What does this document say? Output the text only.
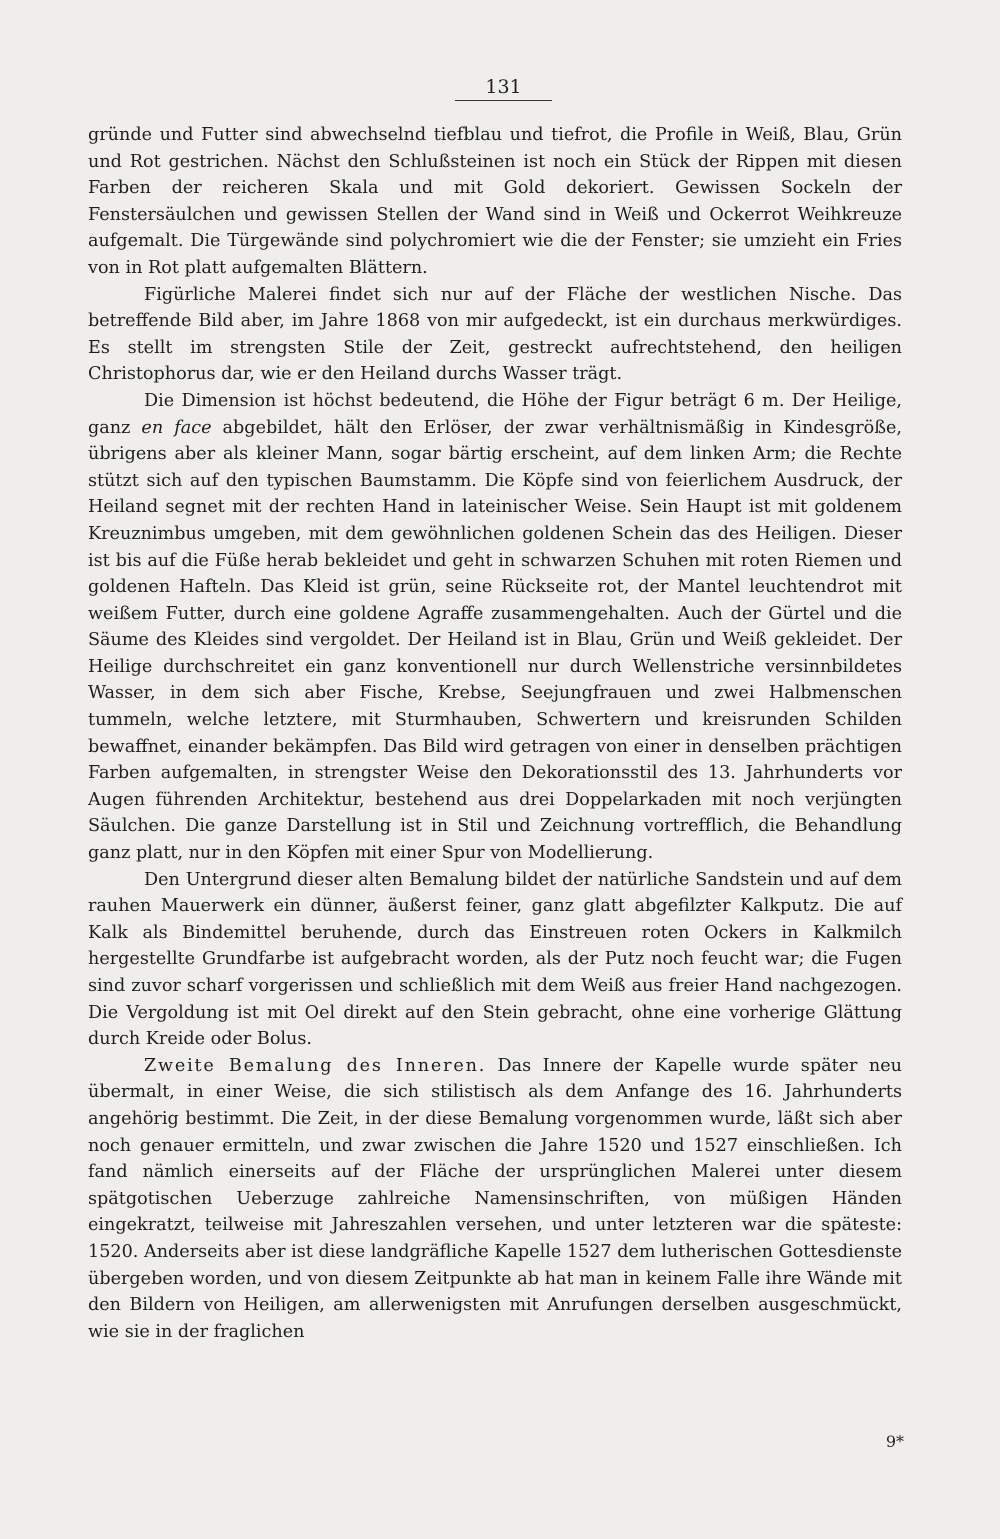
131

gründe und Futter sind abwechselnd tiefblau und tiefrot, die Profile in Weiß, Blau, Grün und Rot gestrichen. Nächst den Schlußsteinen ist noch ein Stück der Rippen mit diesen Farben der reicheren Skala und mit Gold dekoriert. Gewissen Sockeln der Fenstersäulchen und gewissen Stellen der Wand sind in Weiß und Ockerrot Weihkreuze aufgemalt. Die Türgewände sind polychromiert wie die der Fenster; sie umzieht ein Fries von in Rot platt aufgemalten Blättern.

Figürliche Malerei findet sich nur auf der Fläche der westlichen Nische. Das betreffende Bild aber, im Jahre 1868 von mir aufgedeckt, ist ein durchaus merkwürdiges. Es stellt im strengsten Stile der Zeit, gestreckt aufrechtstehend, den heiligen Christophorus dar, wie er den Heiland durchs Wasser trägt.

Die Dimension ist höchst bedeutend, die Höhe der Figur beträgt 6 m. Der Heilige, ganz en face abgebildet, hält den Erlöser, der zwar verhältnismäßig in Kindesgröße, übrigens aber als kleiner Mann, sogar bärtig erscheint, auf dem linken Arm; die Rechte stützt sich auf den typischen Baumstamm. Die Köpfe sind von feierlichem Ausdruck, der Heiland segnet mit der rechten Hand in lateinischer Weise. Sein Haupt ist mit goldenem Kreuznimbus umgeben, mit dem gewöhnlichen goldenen Schein das des Heiligen. Dieser ist bis auf die Füße herab bekleidet und geht in schwarzen Schuhen mit roten Riemen und goldenen Hafteln. Das Kleid ist grün, seine Rückseite rot, der Mantel leuchtendrot mit weißem Futter, durch eine goldene Agraffe zusammengehalten. Auch der Gürtel und die Säume des Kleides sind vergoldet. Der Heiland ist in Blau, Grün und Weiß gekleidet. Der Heilige durchschreitet ein ganz konventionell nur durch Wellenstriche versinnbildetes Wasser, in dem sich aber Fische, Krebse, Seejungfrauen und zwei Halbmenschen tummeln, welche letztere, mit Sturmhauben, Schwertern und kreisrunden Schilden bewaffnet, einander bekämpfen. Das Bild wird getragen von einer in denselben prächtigen Farben aufgemalten, in strengster Weise den Dekorationsstil des 13. Jahrhunderts vor Augen führenden Architektur, bestehend aus drei Doppelarkaden mit noch verjüngten Säulchen. Die ganze Darstellung ist in Stil und Zeichnung vortrefflich, die Behandlung ganz platt, nur in den Köpfen mit einer Spur von Modellierung.

Den Untergrund dieser alten Bemalung bildet der natürliche Sandstein und auf dem rauhen Mauerwerk ein dünner, äußerst feiner, ganz glatt abgefilzter Kalkputz. Die auf Kalk als Bindemittel beruhende, durch das Einstreuen roten Ockers in Kalkmilch hergestellte Grundfarbe ist aufgebracht worden, als der Putz noch feucht war; die Fugen sind zuvor scharf vorgerissen und schließlich mit dem Weiß aus freier Hand nachgezogen. Die Vergoldung ist mit Oel direkt auf den Stein gebracht, ohne eine vorherige Glättung durch Kreide oder Bolus.

Zweite Bemalung des Inneren. Das Innere der Kapelle wurde später neu übermalt, in einer Weise, die sich stilistisch als dem Anfange des 16. Jahrhunderts angehörig bestimmt. Die Zeit, in der diese Bemalung vorgenommen wurde, läßt sich aber noch genauer ermitteln, und zwar zwischen die Jahre 1520 und 1527 einschließen. Ich fand nämlich einerseits auf der Fläche der ursprünglichen Malerei unter diesem spätgotischen Ueberzuge zahlreiche Namensinschriften, von müßigen Händen eingekratzt, teilweise mit Jahreszahlen versehen, und unter letzteren war die späteste: 1520. Anderseits aber ist diese landgräfliche Kapelle 1527 dem lutherischen Gottesdienste übergeben worden, und von diesem Zeitpunkte ab hat man in keinem Falle ihre Wände mit den Bildern von Heiligen, am allerwenigsten mit Anrufungen derselben ausgeschmückt, wie sie in der fraglichen

9*
